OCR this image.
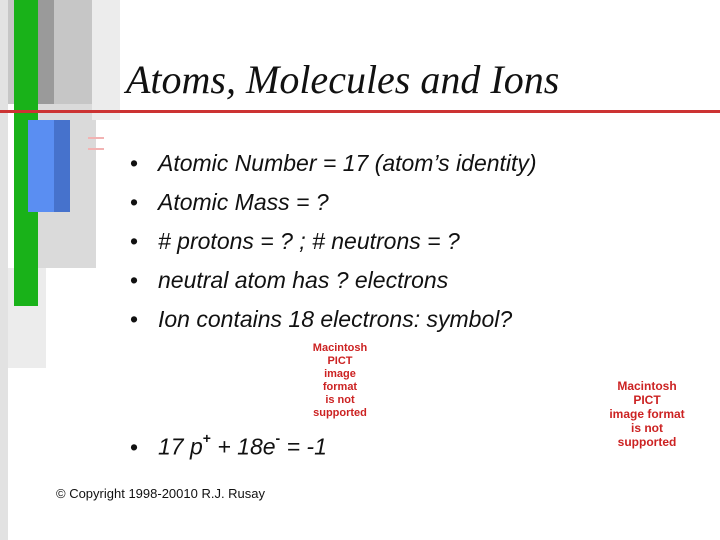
Atoms, Molecules and Ions
• Atomic Number = 17 (atom’s identity)
• Atomic Mass = ?
• # protons = ? ; # neutrons = ?
• neutral atom has ? electrons
• Ion contains 18 electrons: symbol?
Macintosh PICT
image format
is not supported
Macintosh PICT
image format
is not supported
• 17 p+ + 18e- = -1
© Copyright 1998-20010 R.J. Rusay
